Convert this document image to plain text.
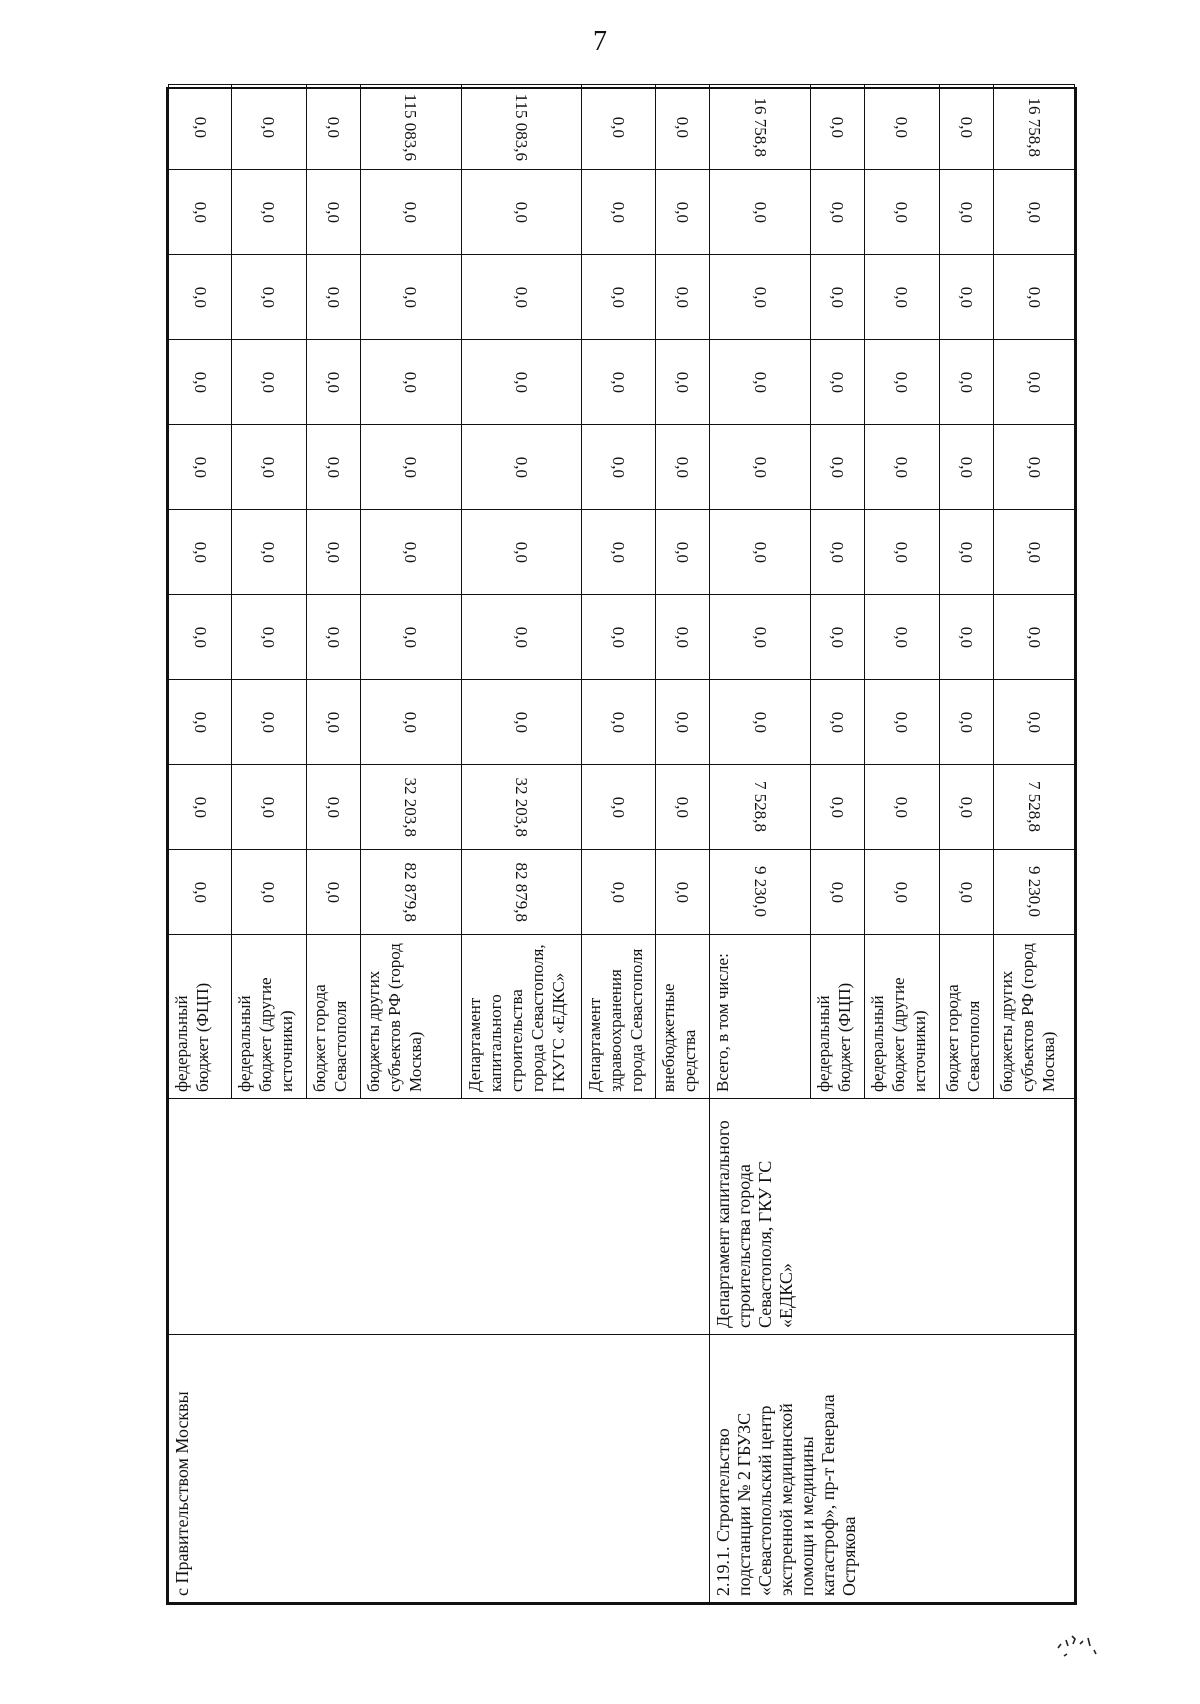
7
с Правительством Москвы		федеральный бюджет (ФЦП)	0,0	0,0	0,0	0,0	0,0	0,0	0,0	0,0	0,0	0,0
		федеральный бюджет (другие источники)	0,0	0,0	0,0	0,0	0,0	0,0	0,0	0,0	0,0	0,0
		бюджет города Севастополя	0,0	0,0	0,0	0,0	0,0	0,0	0,0	0,0	0,0	0,0
		бюджеты других субъектов РФ (город Москва)	82 879,8	32 203,8	0,0	0,0	0,0	0,0	0,0	0,0	0,0	115 083,6
		Департамент капитального строительства города Севастополя, ГКУГС «ЕДКС»	82 879,8	32 203,8	0,0	0,0	0,0	0,0	0,0	0,0	0,0	115 083,6
		Департамент здравоохранения города Севастополя	0,0	0,0	0,0	0,0	0,0	0,0	0,0	0,0	0,0	0,0
		внебюджетные средства	0,0	0,0	0,0	0,0	0,0	0,0	0,0	0,0	0,0	0,0
2.19.1. Строительство подстанции № 2 ГБУЗС «Севастопольский центр экстренной медицинской помощи и медицины катастроф», пр-т Генерала Острякова	Департамент капитального строительства города Севастополя, ГКУ ГС «ЕДКС»	Всего, в том числе:	9 230,0	7 528,8	0,0	0,0	0,0	0,0	0,0	0,0	0,0	16 758,8
		федеральный бюджет (ФЦП)	0,0	0,0	0,0	0,0	0,0	0,0	0,0	0,0	0,0	0,0
		федеральный бюджет (другие источники)	0,0	0,0	0,0	0,0	0,0	0,0	0,0	0,0	0,0	0,0
		бюджет города Севастополя	0,0	0,0	0,0	0,0	0,0	0,0	0,0	0,0	0,0	0,0
		бюджеты других субъектов РФ (город Москва)	9 230,0	7 528,8	0,0	0,0	0,0	0,0	0,0	0,0	0,0	16 758,8
